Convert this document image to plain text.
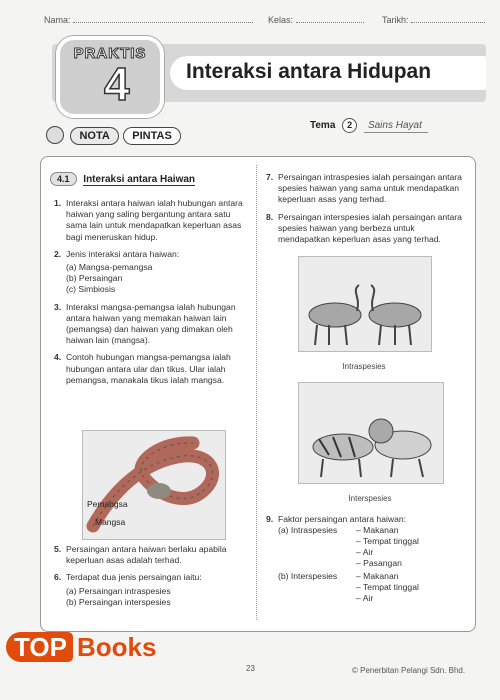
Nama:	Kelas:	Tarikh:
PRAKTIS
4	Interaksi antara Hidupan
NOTA PINTAS
Tema 2 Sains Hayat
4.1 Interaksi antara Haiwan
1. Interaksi antara haiwan ialah hubungan antara haiwan yang saling bergantung antara satu sama lain untuk mendapatkan keperluan asas bagi meneruskan hidup.
2. Jenis interaksi antara haiwan:
(a) Mangsa-pemangsa
(b) Persaingan
(c) Simbiosis
3. Interaksi mangsa-pemangsa ialah hubungan antara haiwan yang memakan haiwan lain (pemangsa) dan haiwan yang dimakan oleh haiwan lain (mangsa).
4. Contoh hubungan mangsa-pemangsa ialah hubungan antara ular dan tikus. Ular ialah pemangsa, manakala tikus ialah mangsa.
Pemangsa
Mangsa
5. Persaingan antara haiwan berlaku apabila keperluan asas adalah terhad.
6. Terdapat dua jenis persaingan iaitu:
(a) Persaingan intraspesies
(b) Persaingan interspesies
7. Persaingan intraspesies ialah persaingan antara spesies haiwan yang sama untuk mendapatkan keperluan asas yang terhad.
8. Persaingan interspesies ialah persaingan antara spesies haiwan yang berbeza untuk mendapatkan keperluan asas yang terhad.
Intraspesies
Interspesies
9. Faktor persaingan antara haiwan:
(a) Intraspesies – Makanan
– Tempat tinggal
– Air
– Pasangan
(b) Interspesies – Makanan
– Tempat tinggal
– Air
23	© Penerbitan Pelangi Sdn. Bhd.
TOP Books
